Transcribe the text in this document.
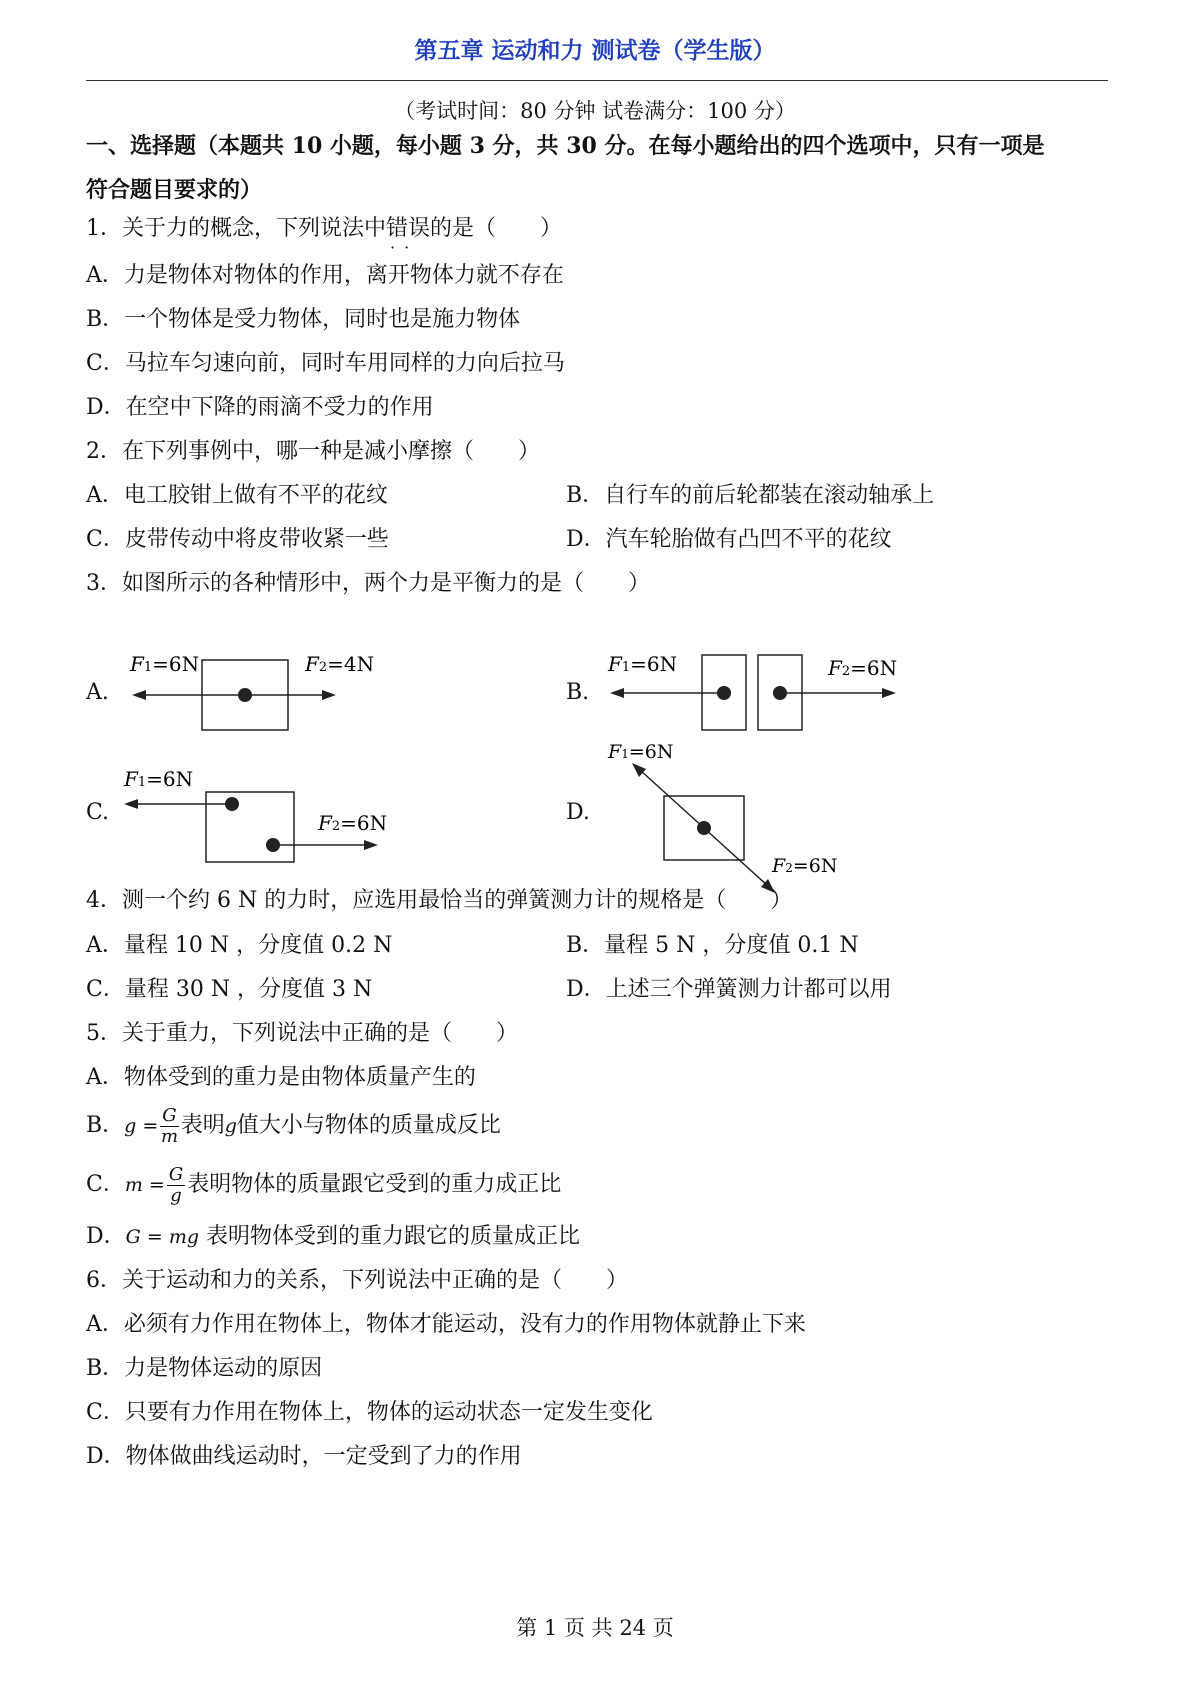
第五章 运动和力 测试卷（学生版）
（考试时间：80 分钟 试卷满分：100 分）
一、选择题（本题共 10 小题，每小题 3 分，共 30 分。在每小题给出的四个选项中，只有一项是
符合题目要求的）
1．关于力的概念，下列说法中错误 · ·的是（　　）
A．力是物体对物体的作用，离开物体力就不存在
B．一个物体是受力物体，同时也是施力物体
C．马拉车匀速向前，同时车用同样的力向后拉马
D．在空中下降的雨滴不受力的作用
2．在下列事例中，哪一种是减小摩擦（　　）
A．电工胶钳上做有不平的花纹	B．自行车的前后轮都装在滚动轴承上
C．皮带传动中将皮带收紧一些	D．汽车轮胎做有凸凹不平的花纹
3．如图所示的各种情形中，两个力是平衡力的是（　　）
A.
F1=6N	F2=4N
B.
F1=6N	F2=6N
C.
F1=6N
F2=6N	D.
F1=6N
F2=6N
4．测一个约 6 N 的力时，应选用最恰当的弹簧测力计的规格是（　　）
A．量程 10 N ，分度值 0.2 N	B．量程 5 N ，分度值 0.1 N
C．量程 30 N ，分度值 3 N	D．上述三个弹簧测力计都可以用
5．关于重力，下列说法中正确的是（　　）
A．物体受到的重力是由物体质量产生的
B．$g = \frac{G}{m}$ 表明g值大小与物体的质量成反比
C．$m = \frac{G}{g}$ 表明物体的质量跟它受到的重力成正比
D．G = mg 表明物体受到的重力跟它的质量成正比
6．关于运动和力的关系，下列说法中正确的是（　　）
A．必须有力作用在物体上，物体才能运动，没有力的作用物体就静止下来
B．力是物体运动的原因
C．只要有力作用在物体上，物体的运动状态一定发生变化
D．物体做曲线运动时，一定受到了力的作用
第 1 页 共 24 页
